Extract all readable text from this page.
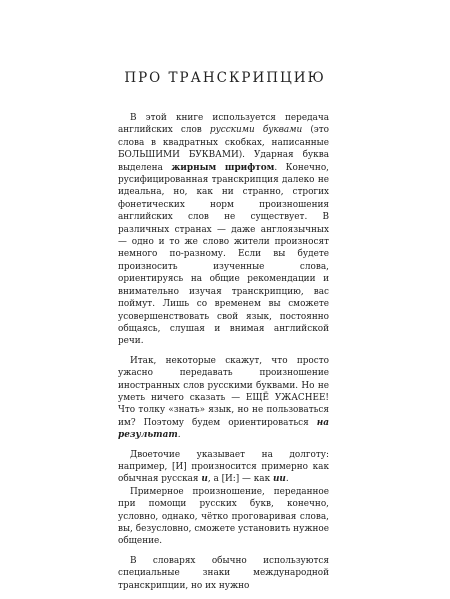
ПРО ТРАНСКРИПЦИЮ

В этой книге используется передача английских слов русскими буквами (это слова в квадратных скобках, написанные БОЛЬШИМИ БУКВАМИ). Ударная буква выделена жирным шрифтом. Конечно, русифицированная транскрипция далеко не идеальна, но, как ни странно, строгих фонетических норм произношения английских слов не существует. В различных странах — даже англоязычных — одно и то же слово жители произносят немного по-разному. Если вы будете произносить изученные слова, ориентируясь на общие рекомендации и внимательно изучая транскрипцию, вас поймут. Лишь со временем вы сможете усовершенствовать свой язык, постоянно общаясь, слушая и внимая английской речи.

Итак, некоторые скажут, что просто ужасно передавать произношение иностранных слов русскими буквами. Но не уметь ничего сказать — ЕЩЁ УЖАСНЕЕ! Что толку «знать» язык, но не пользоваться им? Поэтому будем ориентироваться на результат.

Двоеточие указывает на долготу: например, [И] произносится примерно как обычная русская и, а [И:] — как ии.

Примерное произношение, переданное при помощи русских букв, конечно, условно, однако, чётко проговаривая слова, вы, безусловно, сможете установить нужное общение.

В словарях обычно используются специальные знаки международной транскрипции, но их нужно
